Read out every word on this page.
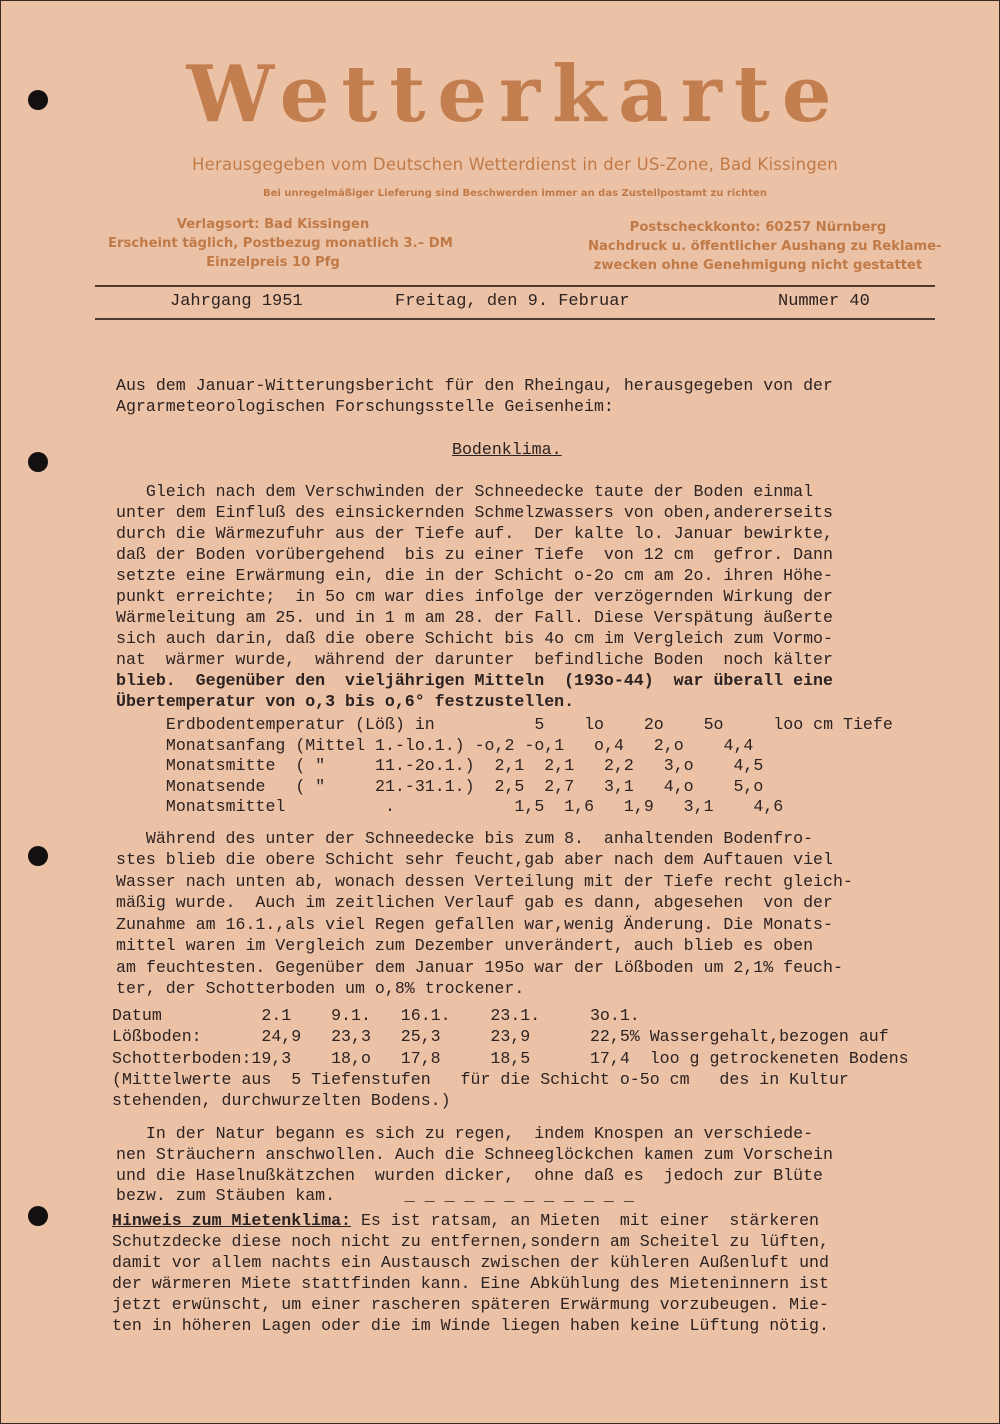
Wetterkarte
Herausgegeben vom Deutschen Wetterdienst in der US-Zone, Bad Kissingen
Bei unregelmäßiger Lieferung sind Beschwerden immer an das Zustellpostamt zu richten
Verlagsort: Bad Kissingen
Erscheint täglich, Postbezug monatlich 3.– DM
Einzelpreis 10 Pfg
Postscheckkonto: 60257 Nürnberg
Nachdruck u. öffentlicher Aushang zu Reklame-
zwecken ohne Genehmigung nicht gestattet
Jahrgang 1951	Freitag, den 9. Februar	Nummer 40
Aus dem Januar-Witterungsbericht für den Rheingau, herausgegeben von der
Agrarmeteorologischen Forschungsstelle Geisenheim:
Bodenklima.
Gleich nach dem Verschwinden der Schneedecke taute der Boden einmal
unter dem Einfluß des einsickernden Schmelzwassers von oben,andererseits
durch die Wärmezufuhr aus der Tiefe auf.  Der kalte lo. Januar bewirkte,
daß der Boden vorübergehend  bis zu einer Tiefe  von 12 cm  gefror. Dann
setzte eine Erwärmung ein, die in der Schicht o-2o cm am 2o. ihren Höhe-
punkt erreichte;  in 5o cm war dies infolge der verzögernden Wirkung der
Wärmeleitung am 25. und in 1 m am 28. der Fall. Diese Verspätung äußerte
sich auch darin, daß die obere Schicht bis 4o cm im Vergleich zum Vormo-
nat  wärmer wurde,  während der darunter  befindliche Boden  noch kälter
blieb.  Gegenüber den  vieljährigen Mitteln  (193o-44)  war überall eine
Übertemperatur von o,3 bis o,6° festzustellen.
Erdbodentemperatur (Löß) in          5    lo    2o    5o     loo cm Tiefe
Monatsanfang (Mittel 1.-lo.1.) -o,2 -o,1   o,4   2,o    4,4
Monatsmitte  ( "     11.-2o.1.)  2,1  2,1   2,2   3,o    4,5
Monatsende   ( "     21.-31.1.)  2,5  2,7   3,1   4,o    5,o
Monatsmittel          .            1,5  1,6   1,9   3,1    4,6
Während des unter der Schneedecke bis zum 8.  anhaltenden Bodenfro-
stes blieb die obere Schicht sehr feucht,gab aber nach dem Auftauen viel
Wasser nach unten ab, wonach dessen Verteilung mit der Tiefe recht gleich-
mäßig wurde.  Auch im zeitlichen Verlauf gab es dann, abgesehen  von der
Zunahme am 16.1.,als viel Regen gefallen war,wenig Änderung. Die Monats-
mittel waren im Vergleich zum Dezember unverändert, auch blieb es oben
am feuchtesten. Gegenüber dem Januar 195o war der Lößboden um 2,1% feuch-
ter, der Schotterboden um o,8% trockener.
Datum          2.1    9.1.   16.1.    23.1.     3o.1.
Lößboden:      24,9   23,3   25,3     23,9      22,5% Wassergehalt,bezogen auf
Schotterboden:19,3    18,o   17,8     18,5      17,4  loo g getrockeneten Bodens
(Mittelwerte aus  5 Tiefenstufen   für die Schicht o-5o cm   des in Kultur
stehenden, durchwurzelten Bodens.)
In der Natur begann es sich zu regen,  indem Knospen an verschiede-
nen Sträuchern anschwollen. Auch die Schneeglöckchen kamen zum Vorschein
und die Haselnußkätzchen  wurden dicker,  ohne daß es  jedoch zur Blüte
bezw. zum Stäuben kam.       _ _ _ _ _ _ _ _ _ _ _ _
Hinweis zum Mietenklima: Es ist ratsam, an Mieten  mit einer  stärkeren
Schutzdecke diese noch nicht zu entfernen,sondern am Scheitel zu lüften,
damit vor allem nachts ein Austausch zwischen der kühleren Außenluft und
der wärmeren Miete stattfinden kann. Eine Abkühlung des Mieteninnern ist
jetzt erwünscht, um einer rascheren späteren Erwärmung vorzubeugen. Mie-
ten in höheren Lagen oder die im Winde liegen haben keine Lüftung nötig.
